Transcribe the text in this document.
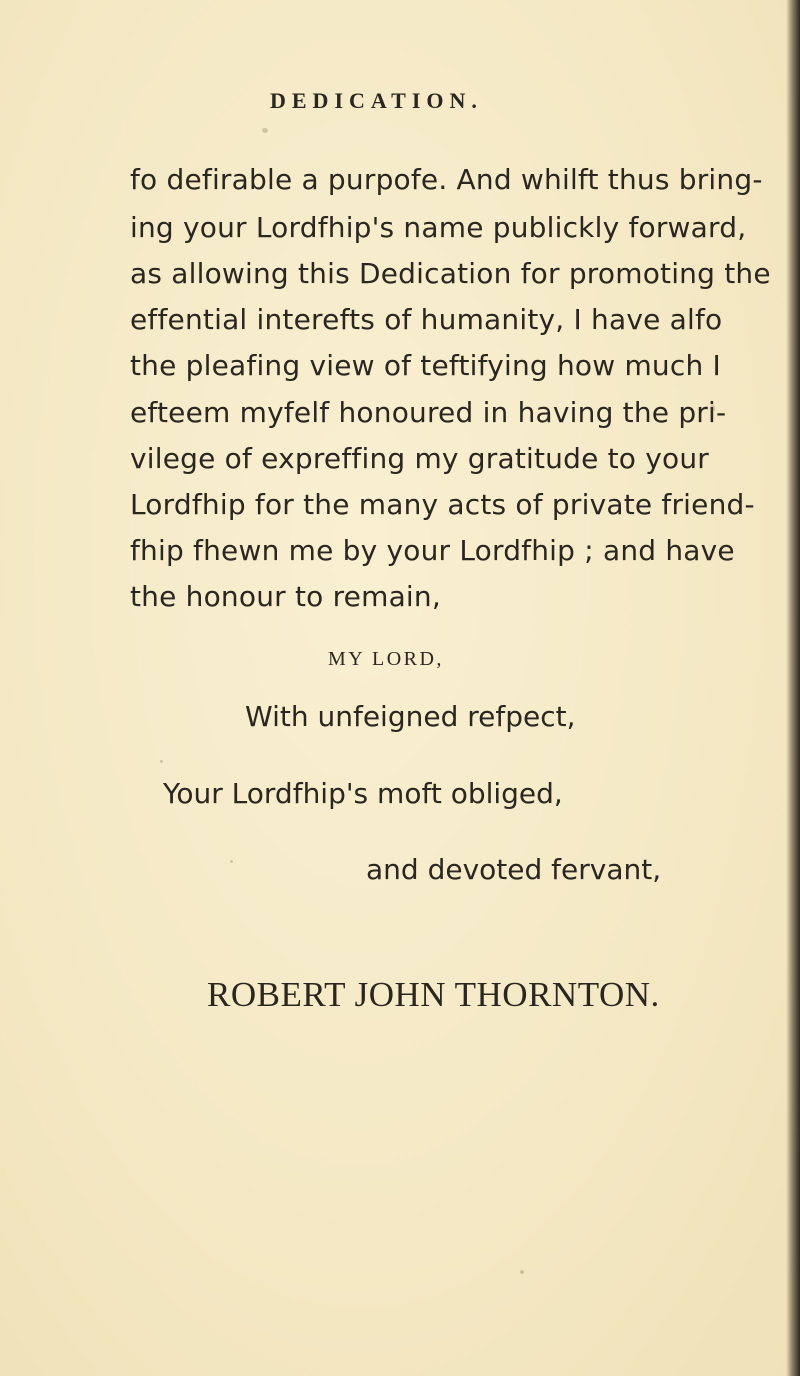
DEDICATION.

fo defirable a purpofe. And whilft thus bring-

ing your Lordfhip's name publickly forward,

as allowing this Dedication for promoting the

effential interefts of humanity, I have alfo

the pleafing view of teftifying how much I

efteem myfelf honoured in having the pri-

vilege of expreffing my gratitude to your

Lordfhip for the many acts of private friend-

fhip fhewn me by your Lordfhip ; and have

the honour to remain,

MY LORD,

With unfeigned refpect,

Your Lordfhip's moft obliged,

and devoted fervant,

ROBERT JOHN THORNTON.
